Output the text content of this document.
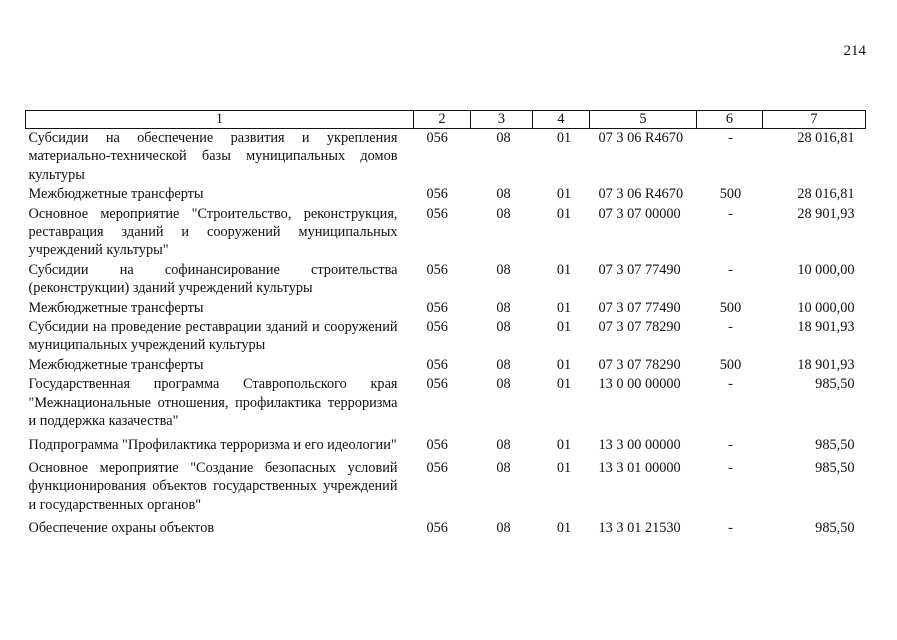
214
1	2	3	4	5	6	7
Субсидии на обеспечение развития и укрепления материально-технической базы муниципальных домов культуры	056	08	01	07 3 06 R4670	-	28 016,81
Межбюджетные трансферты	056	08	01	07 3 06 R4670	500	28 016,81
Основное мероприятие "Строительство, реконструкция, реставрация зданий и сооружений муниципальных учреждений культуры"	056	08	01	07 3 07 00000	-	28 901,93
Субсидии на софинансирование строительства (реконструкции) зданий учреждений культуры	056	08	01	07 3 07 77490	-	10 000,00
Межбюджетные трансферты	056	08	01	07 3 07 77490	500	10 000,00
Субсидии на проведение реставрации зданий и сооружений муниципальных учреждений культуры	056	08	01	07 3 07 78290	-	18 901,93
Межбюджетные трансферты	056	08	01	07 3 07 78290	500	18 901,93
Государственная программа Ставропольского края "Межнациональные отношения, профилактика терроризма и поддержка казачества"	056	08	01	13 0 00 00000	-	985,50
Подпрограмма "Профилактика терроризма и его идеологии"	056	08	01	13 3 00 00000	-	985,50
Основное мероприятие "Создание безопасных условий функционирования объектов государственных учреждений и государственных органов"	056	08	01	13 3 01 00000	-	985,50
Обеспечение охраны объектов	056	08	01	13 3 01 21530	-	985,50
